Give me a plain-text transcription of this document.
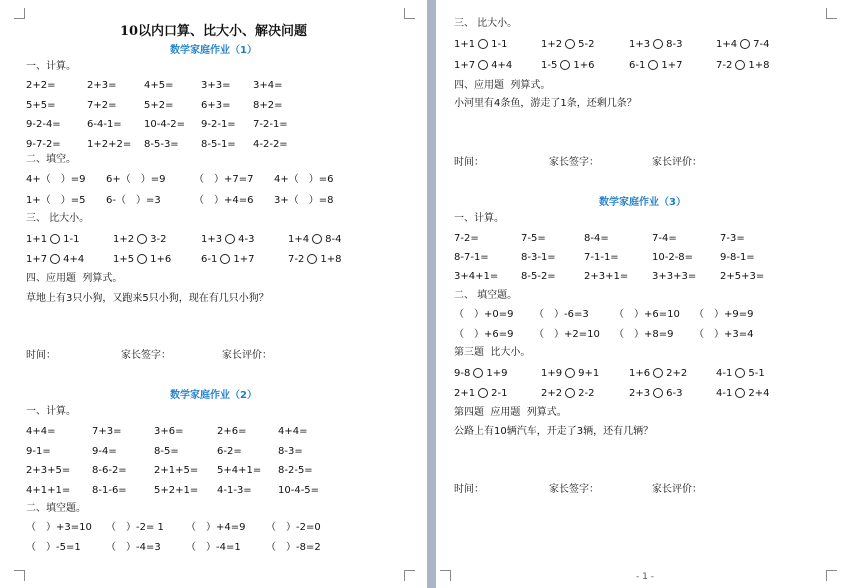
10以内口算、比大小、解决问题
数学家庭作业（1）
数学家庭作业（2）
一、计算。
2+2=	2+3=	4+5=	3+3= 3+4=
5+5=	7+2=	5+2=	6+3= 8+2=
9-2-4=	6-4-1= 10-4-2= 9-2-1= 7-2-1=
9-7-2=	1+2+2= 8-5-3= 8-5-1= 4-2-2=
二、填空。
4+（　）=9 6+（　）=9	（　）+7=7 4+（　）=6
1+（　）=5 6-（　）=3	（　）+4=6 3+（　）=8
三、 比大小。
1+1 1-1	1+2 3-2	1+3 4-3	1+4 8-4
1+7 4+4	1+5 1+6	6-1 1+7	7-2 1+8
四、应用题  列算式。
草地上有3只小狗，又跑来5只小狗，现在有几只小狗？
时间：	家长签字：	家长评价：
一、计算。
4+4=	7+3=	3+6=	2+6=	4+4=
9-1=	9-4=	8-5=	6-2=	8-3=
2+3+5= 8-6-2=	2+1+5= 5+4+1= 8-2-5=
4+1+1= 8-1-6=	5+2+1= 4-1-3=	10-4-5=
二、填空题。
（　）+3=10 （　）-2= 1 （　）+4=9 （　）-2=0
（　）-5=1	（　）-4=3	（　）-4=1	（　）-8=2
数学家庭作业（3）
- 1 -
三、 比大小。
1+1 1-1	1+2 5-2	1+3 8-3	1+4 7-4
1+7 4+4	1-5 1+6	6-1 1+7	7-2 1+8
四、应用题  列算式。
小河里有4条鱼，游走了1条，还剩几条？
时间：	家长签字：	家长评价：
一、计算。
7-2=	7-5=	8-4=	7-4=	7-3=
8-7-1=	8-3-1=	7-1-1=	10-2-8=	9-8-1=
3+4+1= 8-5-2=	2+3+1= 3+3+3= 2+5+3=
二、 填空题。
（　）+0=9 （　）-6=3	（　）+6=10 （　）+9=9
（　）+6=9 （　）+2=10 （　）+8=9 （　）+3=4
第三题  比大小。
9-8 1+9	1+9 9+1	1+6 2+2	4-1 5-1
2+1 2-1	2+2 2-2	2+3 6-3	4-1 2+4
第四题  应用题  列算式。
公路上有10辆汽车，开走了3辆，还有几辆？
时间：	家长签字：	家长评价：
